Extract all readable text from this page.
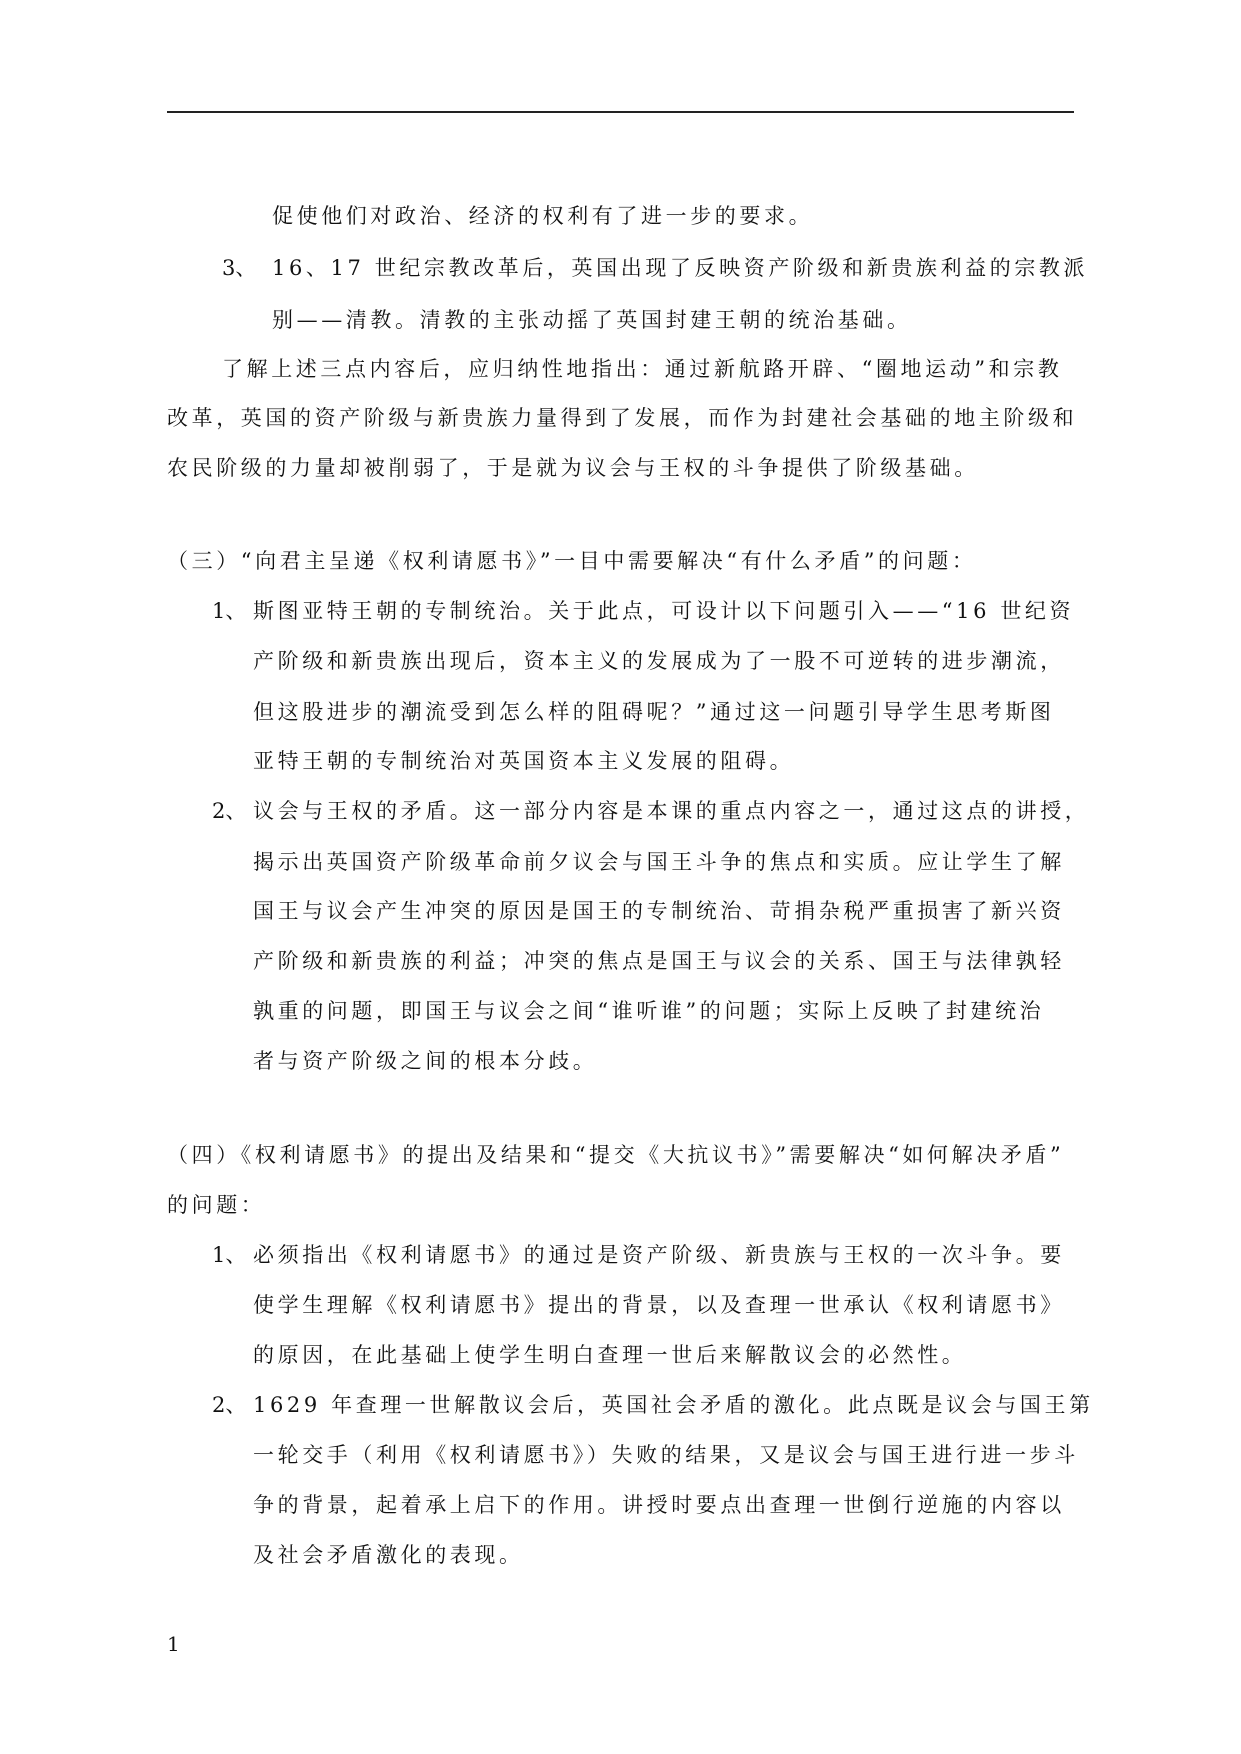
促使他们对政治、经济的权利有了进一步的要求。
3、 16、17 世纪宗教改革后，英国出现了反映资产阶级和新贵族利益的宗教派
别——清教。清教的主张动摇了英国封建王朝的统治基础。
了解上述三点内容后，应归纳性地指出：通过新航路开辟、“圈地运动”和宗教
改革，英国的资产阶级与新贵族力量得到了发展，而作为封建社会基础的地主阶级和
农民阶级的力量却被削弱了，于是就为议会与王权的斗争提供了阶级基础。
（三）“向君主呈递《权利请愿书》”一目中需要解决“有什么矛盾”的问题：
1、 斯图亚特王朝的专制统治。关于此点，可设计以下问题引入——“16 世纪资
产阶级和新贵族出现后，资本主义的发展成为了一股不可逆转的进步潮流，
但这股进步的潮流受到怎么样的阻碍呢？”通过这一问题引导学生思考斯图
亚特王朝的专制统治对英国资本主义发展的阻碍。
2、 议会与王权的矛盾。这一部分内容是本课的重点内容之一，通过这点的讲授，
揭示出英国资产阶级革命前夕议会与国王斗争的焦点和实质。应让学生了解
国王与议会产生冲突的原因是国王的专制统治、苛捐杂税严重损害了新兴资
产阶级和新贵族的利益；冲突的焦点是国王与议会的关系、国王与法律孰轻
孰重的问题，即国王与议会之间“谁听谁”的问题；实际上反映了封建统治
者与资产阶级之间的根本分歧。
（四）《权利请愿书》的提出及结果和“提交《大抗议书》”需要解决“如何解决矛盾”
的问题：
1、 必须指出《权利请愿书》的通过是资产阶级、新贵族与王权的一次斗争。要
使学生理解《权利请愿书》提出的背景，以及查理一世承认《权利请愿书》
的原因，在此基础上使学生明白查理一世后来解散议会的必然性。
2、 1629 年查理一世解散议会后，英国社会矛盾的激化。此点既是议会与国王第
一轮交手（利用《权利请愿书》）失败的结果，又是议会与国王进行进一步斗
争的背景，起着承上启下的作用。讲授时要点出查理一世倒行逆施的内容以
及社会矛盾激化的表现。
1
